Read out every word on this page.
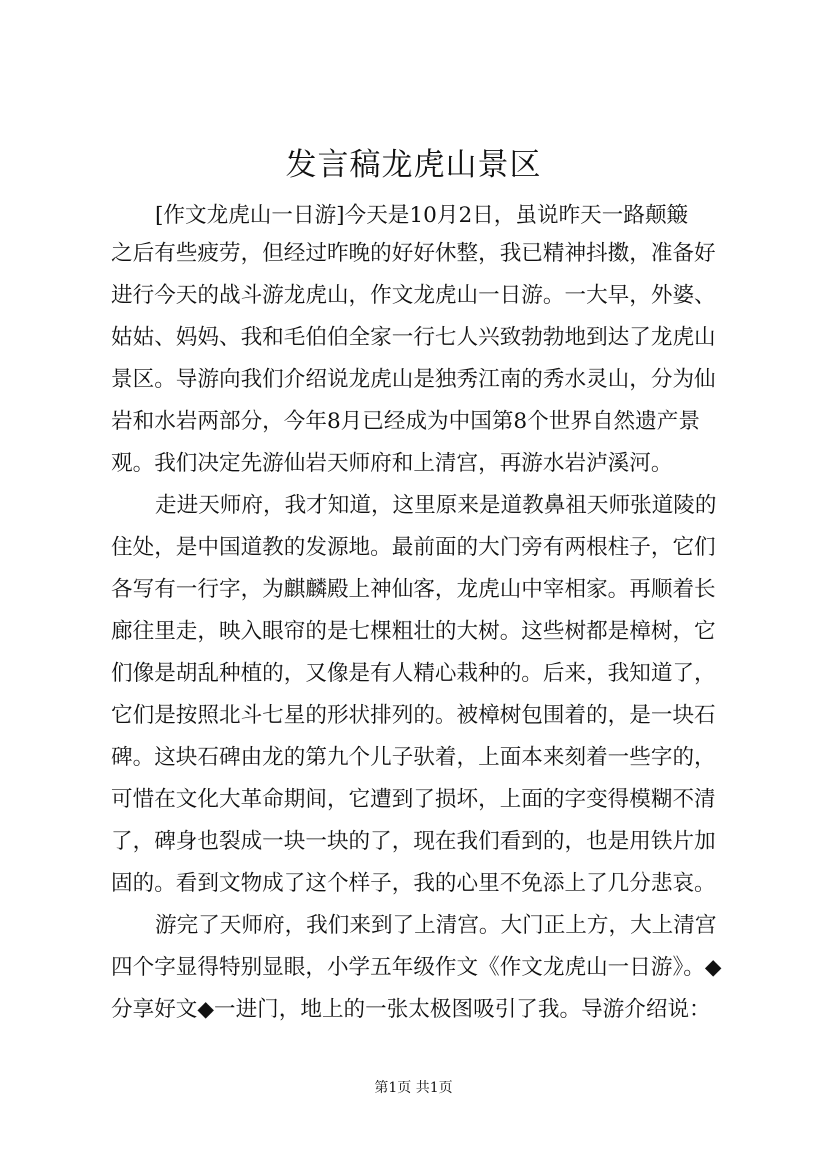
发言稿龙虎山景区
[作文龙虎山一日游]今天是10月2日，虽说昨天一路颠簸
之后有些疲劳，但经过昨晚的好好休整，我已精神抖擞，准备好
进行今天的战斗游龙虎山，作文龙虎山一日游。一大早，外婆、
姑姑、妈妈、我和毛伯伯全家一行七人兴致勃勃地到达了龙虎山
景区。导游向我们介绍说龙虎山是独秀江南的秀水灵山，分为仙
岩和水岩两部分，今年8月已经成为中国第8个世界自然遗产景
观。我们决定先游仙岩天师府和上清宫，再游水岩泸溪河。
走进天师府，我才知道，这里原来是道教鼻祖天师张道陵的
住处，是中国道教的发源地。最前面的大门旁有两根柱子，它们
各写有一行字，为麒麟殿上神仙客，龙虎山中宰相家。再顺着长
廊往里走，映入眼帘的是七棵粗壮的大树。这些树都是樟树，它
们像是胡乱种植的，又像是有人精心栽种的。后来，我知道了，
它们是按照北斗七星的形状排列的。被樟树包围着的，是一块石
碑。这块石碑由龙的第九个儿子驮着，上面本来刻着一些字的，
可惜在文化大革命期间，它遭到了损坏，上面的字变得模糊不清
了，碑身也裂成一块一块的了，现在我们看到的，也是用铁片加
固的。看到文物成了这个样子，我的心里不免添上了几分悲哀。
游完了天师府，我们来到了上清宫。大门正上方，大上清宫
四个字显得特别显眼，小学五年级作文《作文龙虎山一日游》。◆
分享好文◆一进门，地上的一张太极图吸引了我。导游介绍说：
第1页 共1页
